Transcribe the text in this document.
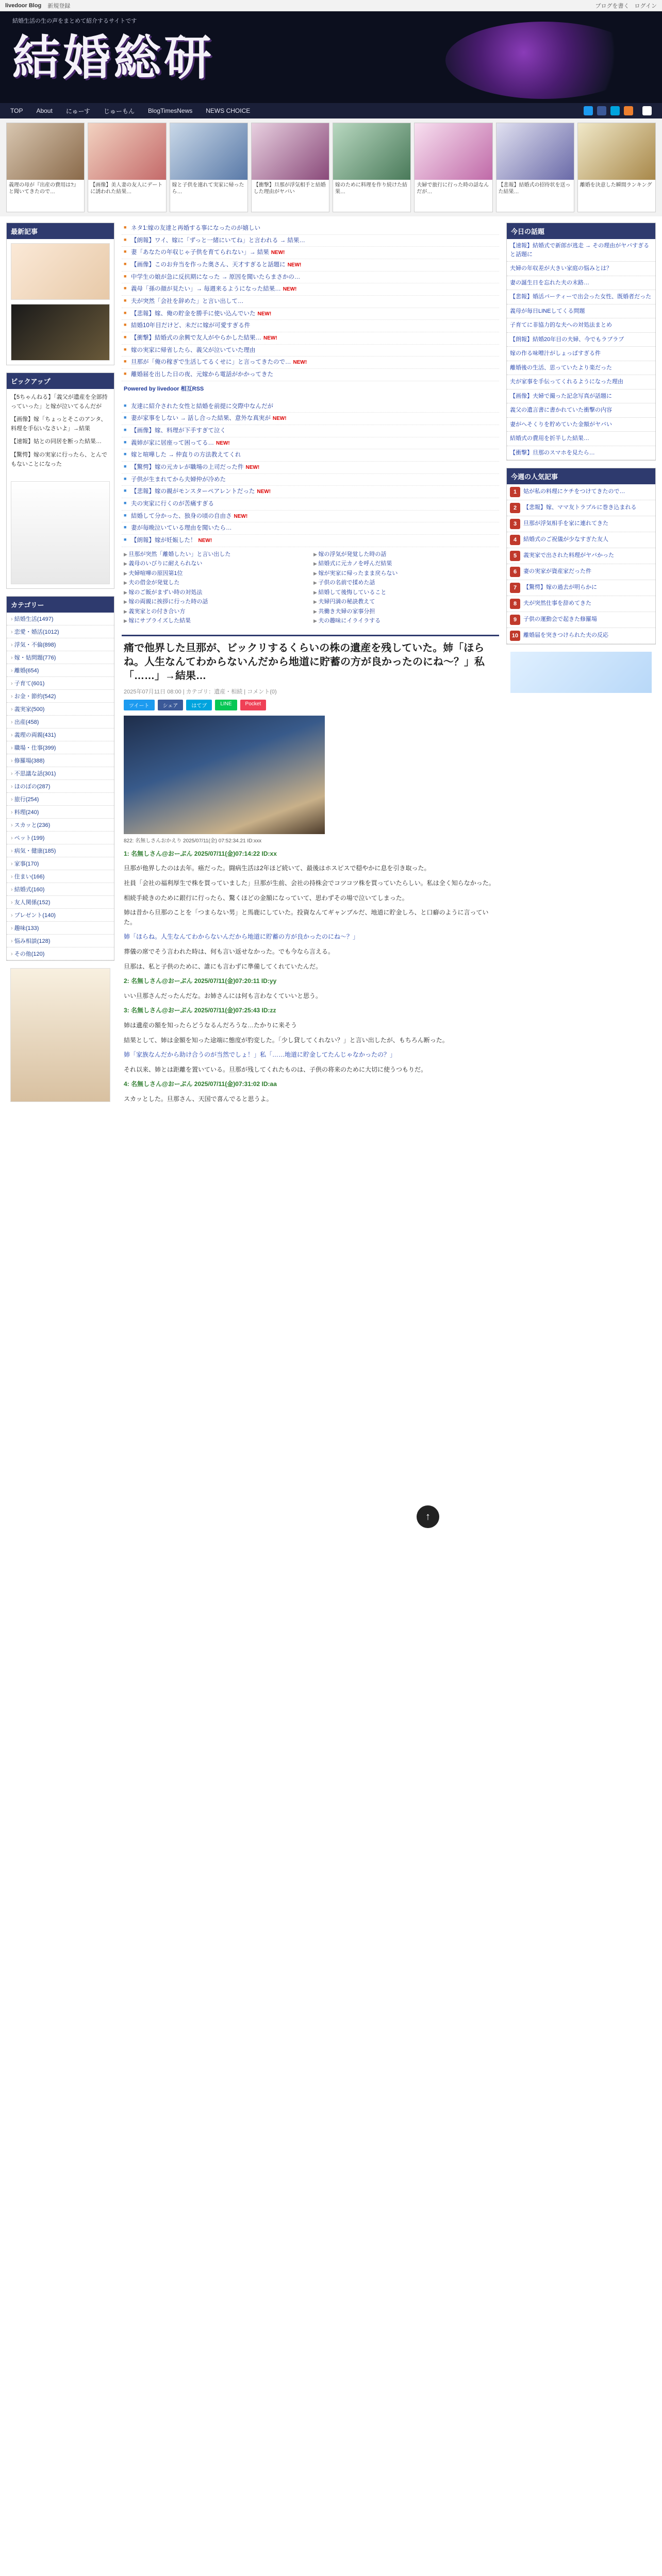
livedoor Blog 新規登録	ブログを書く ログイン
結婚生活の生の声をまとめて紹介するサイトです
結婚総研
TOP About にゅーす じゅーもん BlogTimesNews NEWS CHOICE
義理の母が『出産の費用は?』と聞いてきたので…
【画像】美人妻の友人にデートに誘われた結果…
嫁と子供を連れて実家に帰ったら…
【衝撃】旦那が浮気相手と結婚した理由がヤバい
嫁のために料理を作り続けた結果…
夫婦で旅行に行った時の話なんだが…
【悲報】結婚式の招待状を送った結果…
離婚を決意した瞬間ランキング
最新記事
ピックアップ

【5ちゃんねる】「義父が遺産を全部持っていった」と嫁が泣いてるんだが

【画像】嫁「ちょっとそこのアンタ、料理を手伝いなさいよ」→結果

【速報】姑との同居を断った結果…

【驚愕】嫁の実家に行ったら、とんでもないことになった

カテゴリー
› 結婚生活(1497)
› 恋愛・婚活(1012)
› 浮気・不倫(898)
› 嫁・姑問題(776)
› 離婚(654)
› 子育て(601)
› お金・節約(542)
› 義実家(500)
› 出産(458)
› 義理の両親(431)
› 職場・仕事(399)
› 修羅場(388)
› 不思議な話(301)
› ほのぼの(287)
› 旅行(254)
› 料理(240)
› スカッと(236)
› ペット(199)
› 病気・健康(185)
› 家事(170)
› 住まい(166)
› 結婚式(160)
› 友人関係(152)
› プレゼント(140)
› 趣味(133)
› 悩み相談(128)
› その他(120)
■ ネタ1:嫁の友達と再婚する事になったのが嬉しい
■ 【朗報】ワイ、嫁に「ずっと一緒にいてね」と言われる → 結果…
■ 妻「あなたの年収じゃ子供を育てられない」→ 結果 NEW!
■ 【画像】このお弁当を作った奥さん、天才すぎると話題に NEW!
■ 中学生の娘が急に反抗期になった → 原因を聞いたらまさかの…
■ 義母「孫の顔が見たい」→ 毎週来るようになった結果… NEW!
■ 夫が突然「会社を辞めた」と言い出して…
■ 【悲報】嫁、俺の貯金を勝手に使い込んでいた NEW!
■ 結婚10年目だけど、未だに嫁が可愛すぎる件
■ 【衝撃】結婚式の余興で友人がやらかした結果… NEW!
■ 嫁の実家に帰省したら、義父が泣いていた理由
■ 旦那が「俺の稼ぎで生活してるくせに」と言ってきたので… NEW!
■ 離婚届を出した日の夜、元嫁から電話がかかってきた
Powered by livedoor 相互RSS
■ 友達に紹介された女性と結婚を前提に交際中なんだが
■ 妻が家事をしない → 話し合った結果、意外な真実が NEW!
■ 【画像】嫁、料理が下手すぎて泣く
■ 義姉が家に居座って困ってる… NEW!
■ 嫁と喧嘩した → 仲直りの方法教えてくれ
■ 【驚愕】嫁の元カレが職場の上司だった件 NEW!
■ 子供が生まれてから夫婦仲が冷めた
■ 【悲報】嫁の親がモンスターペアレントだった NEW!
■ 夫の実家に行くのが苦痛すぎる
■ 結婚して分かった、独身の頃の自由さ NEW!
■ 妻が毎晩泣いている理由を聞いたら…
■ 【朗報】嫁が妊娠した！ NEW!
▶ 旦那が突然「離婚したい」と言い出した	▶ 嫁の浮気が発覚した時の話
▶ 義母のいびりに耐えられない	▶ 結婚式に元カノを呼んだ結果
▶ 夫婦喧嘩の原因第1位	▶ 嫁が実家に帰ったまま戻らない
▶ 夫の借金が発覚した	▶ 子供の名前で揉めた話
▶ 嫁のご飯がまずい時の対処法	▶ 結婚して後悔していること
▶ 嫁の両親に挨拶に行った時の話	▶ 夫婦円満の秘訣教えて
▶ 義実家との付き合い方	▶ 共働き夫婦の家事分担
▶ 嫁にサプライズした結果	▶ 夫の趣味にイライラする
痛で他界した旦那が、ビックリするくらいの株の遺産を残していた。姉「ほらね。人生なんてわからないんだから地道に貯蓄の方が良かったのにね～？」私「……」→結果…
2025年07月11日 08:00 | カテゴリ：遺産・相続 | コメント(0)
ツイート	シェア	はてブ	LINE	Pocket
822: 名無しさんおかえり 2025/07/11(金) 07:52:34.21 ID:xxx

1: 名無しさん@おーぷん 2025/07/11(金)07:14:22 ID:xx

旦那が他界したのは去年。癌だった。闘病生活は2年ほど続いて、最後はホスピスで穏やかに息を引き取った。

社員「会社の福利厚生で株を買っていました」旦那が生前、会社の持株会でコツコツ株を買っていたらしい。私は全く知らなかった。

相続手続きのために銀行に行ったら、驚くほどの金額になっていて、思わずその場で泣いてしまった。

姉は昔から旦那のことを「つまらない男」と馬鹿にしていた。投資なんてギャンブルだ、地道に貯金しろ、と口癖のように言っていた。

姉「ほらね。人生なんてわからないんだから地道に貯蓄の方が良かったのにね～？」

葬儀の席でそう言われた時は、何も言い返せなかった。でも今なら言える。

旦那は、私と子供のために、誰にも言わずに準備してくれていたんだ。

2: 名無しさん@おーぷん 2025/07/11(金)07:20:11 ID:yy

いい旦那さんだったんだな。お姉さんには何も言わなくていいと思う。

3: 名無しさん@おーぷん 2025/07/11(金)07:25:43 ID:zz

姉は遺産の額を知ったらどうなるんだろうな…たかりに来そう

結果として、姉は金額を知った途端に態度が豹変した。「少し貸してくれない？」と言い出したが、もちろん断った。

姉「家族なんだから助け合うのが当然でしょ！」私「……地道に貯金してたんじゃなかったの？」

それ以来、姉とは距離を置いている。旦那が残してくれたものは、子供の将来のために大切に使うつもりだ。

4: 名無しさん@おーぷん 2025/07/11(金)07:31:02 ID:aa

スカッとした。旦那さん、天国で喜んでると思うよ。

今日の話題
【速報】結婚式で新郎が逃走 → その理由がヤバすぎると話題に
夫婦の年収差が大きい家庭の悩みとは？
妻の誕生日を忘れた夫の末路…
【悲報】婚活パーティーで出会った女性、既婚者だった
義母が毎日LINEしてくる問題
子育てに非協力的な夫への対処法まとめ
【朗報】結婚20年目の夫婦、今でもラブラブ
嫁の作る味噌汁がしょっぱすぎる件
離婚後の生活、思っていたより楽だった
夫が家事を手伝ってくれるようになった理由
【画像】夫婦で撮った記念写真が話題に
義父の遺言書に書かれていた衝撃の内容
妻がへそくりを貯めていた金額がヤバい
結婚式の費用を折半した結果…
【衝撃】旦那のスマホを見たら…
今週の人気記事
1	姑が私の料理にケチをつけてきたので…
2	【悲報】嫁、ママ友トラブルに巻き込まれる
3	旦那が浮気相手を家に連れてきた
4	結婚式のご祝儀が少なすぎた友人
5	義実家で出された料理がヤバかった
6	妻の実家が資産家だった件
7	【驚愕】嫁の過去が明らかに
8	夫が突然仕事を辞めてきた
9	子供の運動会で起きた修羅場
10 離婚届を突きつけられた夫の反応
↑
